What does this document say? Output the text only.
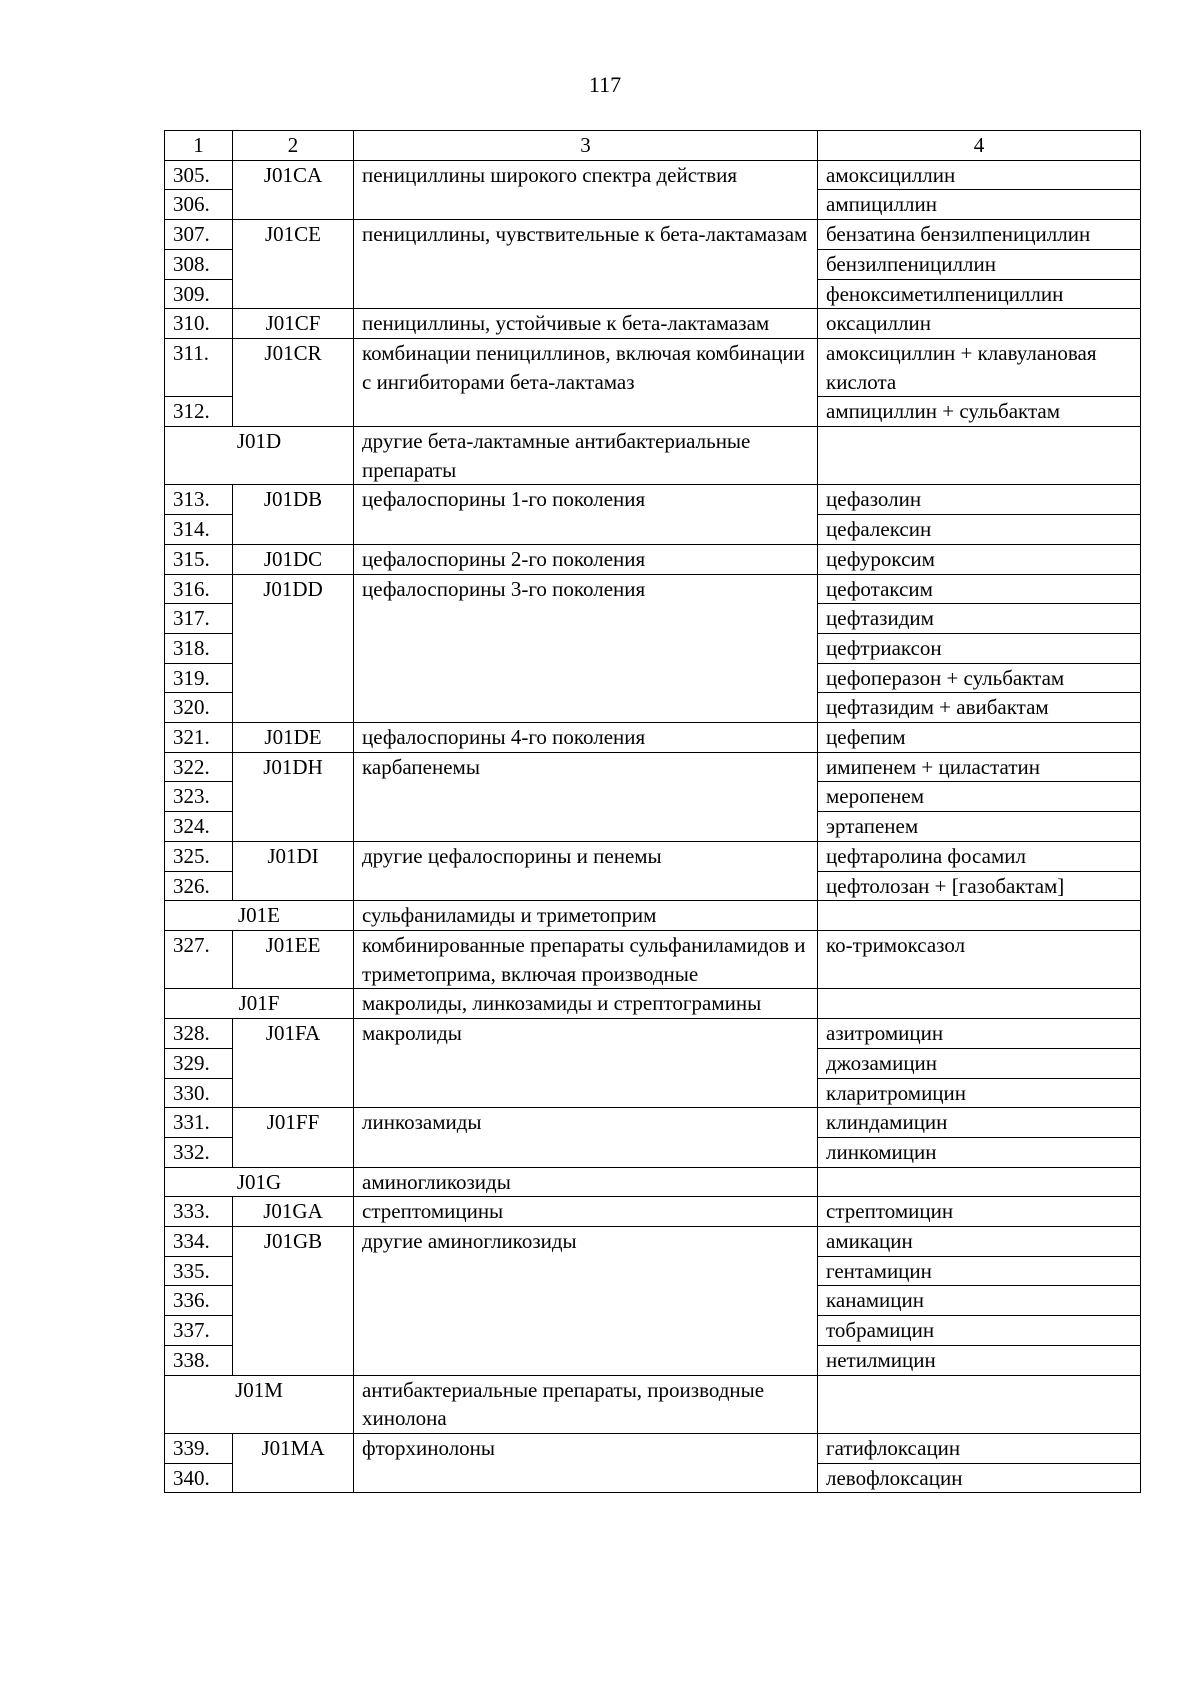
117
1	2	3	4
305.	J01CA	пенициллины широкого спектра действия	амоксициллин
306.			ампициллин
307.	J01CE	пенициллины, чувствительные к бета-лактамазам	бензатина бензилпенициллин
308.			бензилпенициллин
309.			феноксиметилпенициллин
310.	J01CF	пенициллины, устойчивые к бета-лактамазам	оксациллин
311.	J01CR	комбинации пенициллинов, включая комбинации с ингибиторами бета-лактамаз	амоксициллин + клавулановая кислота
312.			ампициллин + сульбактам
J01D		другие бета-лактамные антибактериальные препараты	
313.	J01DB	цефалоспорины 1-го поколения	цефазолин
314.			цефалексин
315.	J01DC	цефалоспорины 2-го поколения	цефуроксим
316.	J01DD	цефалоспорины 3-го поколения	цефотаксим
317.			цефтазидим
318.			цефтриаксон
319.			цефоперазон + сульбактам
320.			цефтазидим + авибактам
321.	J01DE	цефалоспорины 4-го поколения	цефепим
322.	J01DH	карбапенемы	имипенем + циластатин
323.			меропенем
324.			эртапенем
325.	J01DI	другие цефалоспорины и пенемы	цефтаролина фосамил
326.			цефтолозан + [газобактам]
J01E		сульфаниламиды и триметоприм	
327.	J01EE	комбинированные препараты сульфаниламидов и триметоприма, включая производные	ко-тримоксазол
J01F		макролиды, линкозамиды и стрептограмины	
328.	J01FA	макролиды	азитромицин
329.			джозамицин
330.			кларитромицин
331.	J01FF	линкозамиды	клиндамицин
332.			линкомицин
J01G		аминогликозиды	
333.	J01GA	стрептомицины	стрептомицин
334.	J01GB	другие аминогликозиды	амикацин
335.			гентамицин
336.			канамицин
337.			тобрамицин
338.			нетилмицин
J01M		антибактериальные препараты, производные хинолона	
339.	J01MA	фторхинолоны	гатифлоксацин
340.			левофлоксацин
